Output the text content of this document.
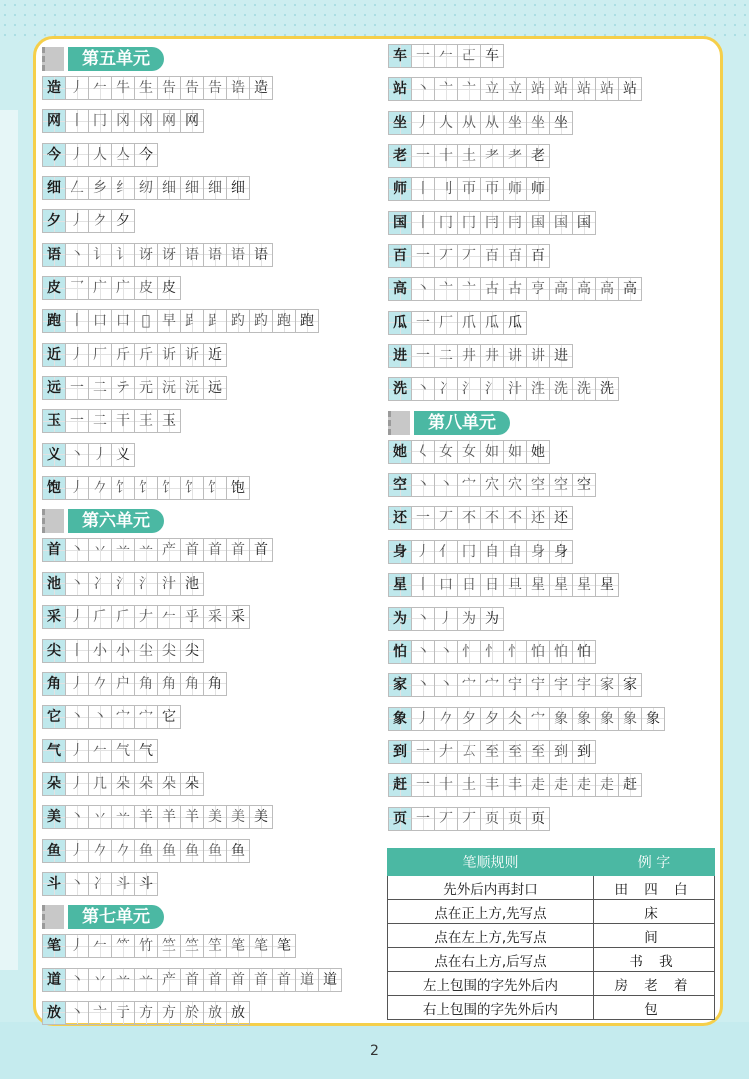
第五单元
造 丿 𠂉 牛 生 告 告 告 诰 造
网 丨 冂 冈 冈 网 网
今 丿 人 亼 今
细 𠃋 乡 纟 纫 细 细 细 细
夕 丿 ク 夕
语 丶 讠 讠 讶 讶 语 语 语 语
皮 乛 广 广 皮 皮
跑 丨 口 口 𠯁 早 𧾷 𧾷 趵 趵 跑 跑
近 丿 厂 斤 斤 䜣 䜣 近
远 一 二 テ 元 沅 沅 远
玉 一 二 干 王 玉
义 丶 丿 义
饱 丿 𠂊 饣 饣 饣 饣 饣 饱
第六单元
首 丶 丷 䒑 䒑 产 首 首 首 首
池 丶 冫 氵 氵 汁 池
采 丿 𠂆 𠂆 𠂇 𠂉 乎 采 采
尖 丨 小 小 尘 尖 尖
角 丿 𠂊 户 角 角 角 角
它 丶 丶 宀 宀 它
气 丿 𠂉 气 气
朵 丿 几 朵 朵 朵 朵
美 丶 丷 䒑 羊 羊 羊 美 美 美
鱼 丿 𠂊 𠂊 鱼 鱼 鱼 鱼 鱼
斗 丶 冫 斗 斗
第七单元
笔 丿 𠂉 ⺮ 竹 竺 竺 笁 笔 笔 笔
道 丶 丷 䒑 䒑 产 首 首 首 首 首 道 道
放 丶 亠 亍 方 方 於 放 放
车 一 𠂉 𠀀 车
站 丶 亠 亠 立 立 站 站 站 站 站
坐 丿 人 从 从 坐 坐 坐
老 一 十 土 耂 耂 老
师 丨 刂 帀 帀 师 师
国 丨 冂 冂 冃 冃 国 国 国
百 一 丆 丆 百 百 百
高 丶 亠 亠 古 古 亨 高 高 高 高
瓜 一 厂 爪 瓜 瓜
进 一 二 井 井 讲 讲 进
洗 丶 冫 氵 氵 汁 泩 洗 洗 洗
第八单元
她 𡿨 女 女 如 如 她
空 丶 丶 宀 穴 穴 空 空 空
还 一 丆 不 不 不 还 还
身 丿 亻 冂 自 自 身 身
星 丨 口 日 日 旦 星 星 星 星
为 丶 丿 为 为
怕 丶 丶 忄 忄 忄 怕 怕 怕
家 丶 丶 宀 宀 宁 宁 宇 宇 家 家
象 丿 𠂊 夕 夕 仌 宀 象 象 象 象 象
到 一 𠂇 𠫔 至 至 至 到 到
赶 一 十 土 丰 丰 走 走 走 走 赶
页 一 丆 丆 页 页 页
笔顺规则	例 字
先外后内再封口	田 四 白
点在正上方,先写点	床
点在左上方,先写点	间
点在右上方,后写点	书 我
左上包围的字先外后内	房 老 着
右上包围的字先外后内	包
2
